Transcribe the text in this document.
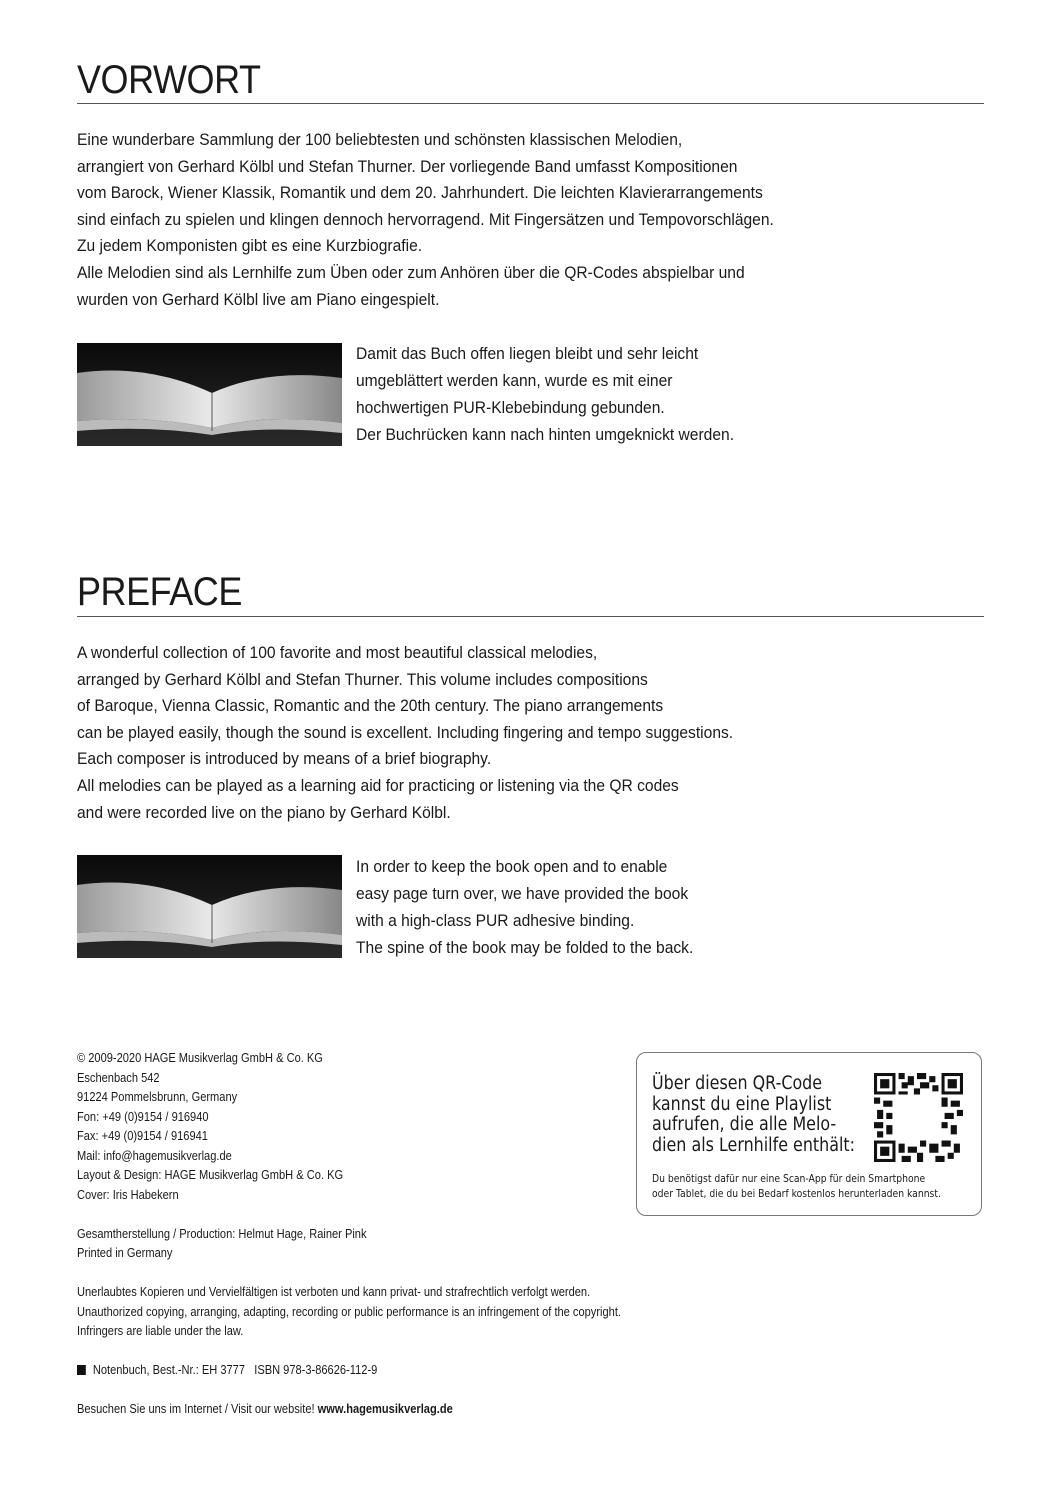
VORWORT
Eine wunderbare Sammlung der 100 beliebtesten und schönsten klassischen Melodien,
arrangiert von Gerhard Kölbl und Stefan Thurner. Der vorliegende Band umfasst Kompositionen
vom Barock, Wiener Klassik, Romantik und dem 20. Jahrhundert. Die leichten Klavierarrangements
sind einfach zu spielen und klingen dennoch hervorragend. Mit Fingersätzen und Tempovorschlägen.
Zu jedem Komponisten gibt es eine Kurzbiografie.
Alle Melodien sind als Lernhilfe zum Üben oder zum Anhören über die QR-Codes abspielbar und
wurden von Gerhard Kölbl live am Piano eingespielt.
Damit das Buch offen liegen bleibt und sehr leicht
umgeblättert werden kann, wurde es mit einer
hochwertigen PUR-Klebebindung gebunden.
Der Buchrücken kann nach hinten umgeknickt werden.
PREFACE
A wonderful collection of 100 favorite and most beautiful classical melodies,
arranged by Gerhard Kölbl and Stefan Thurner. This volume includes compositions
of Baroque, Vienna Classic, Romantic and the 20th century. The piano arrangements
can be played easily, though the sound is excellent. Including fingering and tempo suggestions.
Each composer is introduced by means of a brief biography.
All melodies can be played as a learning aid for practicing or listening via the QR codes
and were recorded live on the piano by Gerhard Kölbl.
In order to keep the book open and to enable
easy page turn over, we have provided the book
with a high-class PUR adhesive binding.
The spine of the book may be folded to the back.
© 2009-2020 HAGE Musikverlag GmbH & Co. KG
Eschenbach 542
91224 Pommelsbrunn, Germany
Fon: +49 (0)9154 / 916940
Fax: +49 (0)9154 / 916941
Mail: info@hagemusikverlag.de
Layout & Design: HAGE Musikverlag GmbH & Co. KG
Cover: Iris Habekern
Gesamtherstellung / Production: Helmut Hage, Rainer Pink
Printed in Germany
Unerlaubtes Kopieren und Vervielfältigen ist verboten und kann privat- und strafrechtlich verfolgt werden.
Unauthorized copying, arranging, adapting, recording or public performance is an infringement of the copyright.
Infringers are liable under the law.
Notenbuch, Best.-Nr.: EH 3777   ISBN 978-3-86626-112-9
Besuchen Sie uns im Internet / Visit our website! www.hagemusikverlag.de
Über diesen QR-Code
kannst du eine Playlist
aufrufen, die alle Melo-
dien als Lernhilfe enthält:
Du benötigst dafür nur eine Scan-App für dein Smartphone
oder Tablet, die du bei Bedarf kostenlos herunterladen kannst.
